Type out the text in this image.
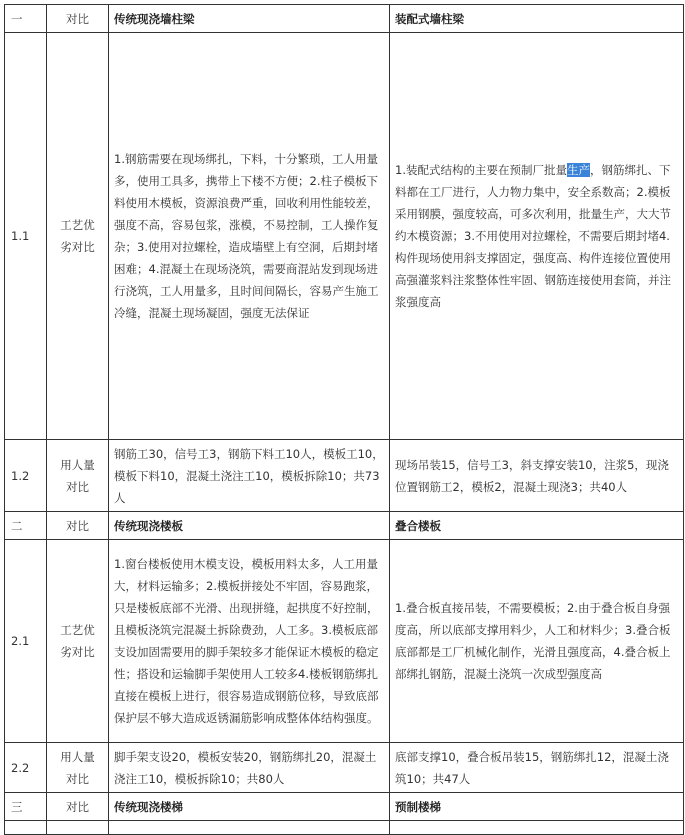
一	对比	传统现浇墙柱梁	装配式墙柱梁
1.1	工艺优劣对比	1.钢筋需要在现场绑扎，下料，十分繁琐，工人用量多，使用工具多，携带上下楼不方便；2.柱子模板下料使用木模板，资源浪费严重，回收利用性能较差，强度不高，容易包浆，涨模，不易控制，工人操作复杂；3.使用对拉螺栓，造成墙壁上有空洞，后期封堵困难；4.混凝土在现场浇筑，需要商混站发到现场进行浇筑，工人用量多，且时间间隔长，容易产生施工冷缝，混凝土现场凝固，强度无法保证	1.装配式结构的主要在预制厂批量生产，钢筋绑扎、下料都在工厂进行，人力物力集中，安全系数高；2.模板采用钢膜，强度较高，可多次利用，批量生产，大大节约木模资源；3.不用使用对拉螺栓，不需要后期封堵4.构件现场使用斜支撑固定，强度高、构件连接位置使用高强灌浆料注浆整体性牢固、钢筋连接使用套筒，并注浆强度高
1.2	用人量对比	钢筋工30，信号工3，钢筋下料工10人，模板工10，模板下料10，混凝土浇注工10，模板拆除10；共73人	现场吊装15，信号工3，斜支撑安装10，注浆5，现浇位置钢筋工2，模板2，混凝土现浇3；共40人
二	对比	传统现浇楼板	叠合楼板
2.1	工艺优劣对比	1.窗台楼板使用木模支设，模板用料太多，人工用量大，材料运输多；2.模板拼接处不牢固，容易跑浆，只是楼板底部不光滑、出现拼缝，起拱度不好控制，且模板浇筑完混凝土拆除费劲，人工多。3.模板底部支设加固需要用的脚手架较多才能保证木模板的稳定性；搭设和运输脚手架使用人工较多4.楼板钢筋绑扎直接在模板上进行，很容易造成钢筋位移，导致底部保护层不够大造成返锈漏筋影响成整体体结构强度。	1.叠合板直接吊装，不需要模板；2.由于叠合板自身强度高，所以底部支撑用料少，人工和材料少；3.叠合板底部都是工厂机械化制作，光滑且强度高，4.叠合板上部绑扎钢筋，混凝土浇筑一次成型强度高
2.2	用人量对比	脚手架支设20，模板安装20，钢筋绑扎20，混凝土浇注工10，模板拆除10；共80人	底部支撑10，叠合板吊装15，钢筋绑扎12，混凝土浇筑10；共47人
三	对比	传统现浇楼梯	预制楼梯
